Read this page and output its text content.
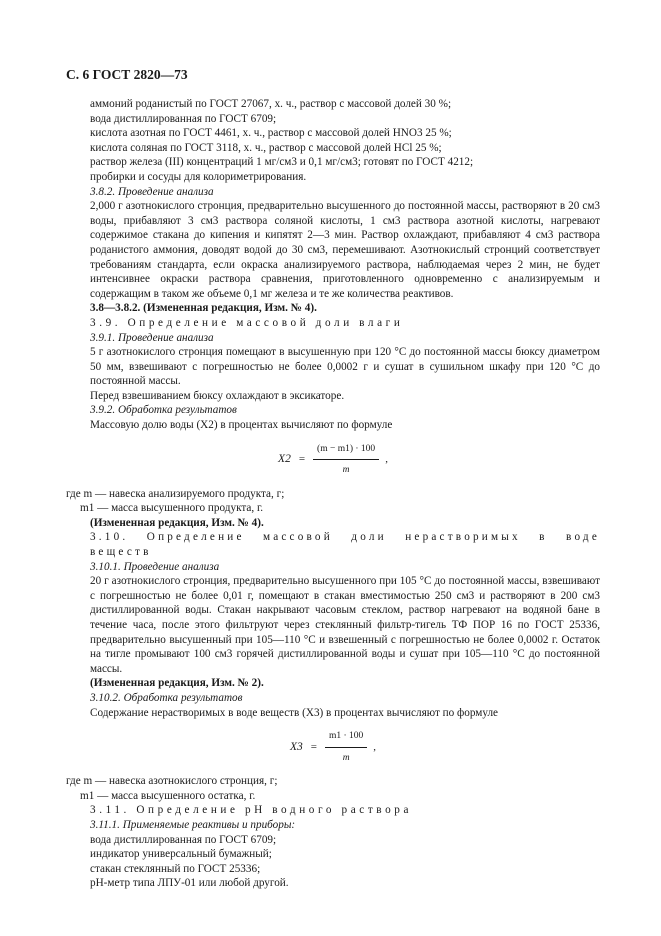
С. 6 ГОСТ 2820—73

аммоний роданистый по ГОСТ 27067, х. ч., раствор с массовой долей 30 %;

вода дистиллированная по ГОСТ 6709;

кислота азотная по ГОСТ 4461, х. ч., раствор с массовой долей HNO3 25 %;

кислота соляная по ГОСТ 3118, х. ч., раствор с массовой долей HCl 25 %;

раствор железа (III) концентраций 1 мг/см3 и 0,1 мг/см3; готовят по ГОСТ 4212;

пробирки и сосуды для колориметрирования.

3.8.2. Проведение анализа

2,000 г азотнокислого стронция, предварительно высушенного до постоянной массы, растворяют в 20 см3 воды, прибавляют 3 см3 раствора соляной кислоты, 1 см3 раствора азотной кислоты, нагревают содержимое стакана до кипения и кипятят 2—3 мин. Раствор охлаждают, прибавляют 4 см3 раствора роданистого аммония, доводят водой до 30 см3, перемешивают. Азотнокислый стронций соответствует требованиям стандарта, если окраска анализируемого раствора, наблюдаемая через 2 мин, не будет интенсивнее окраски раствора сравнения, приготовленного одновременно с анализируемым и содержащим в таком же объеме 0,1 мг железа и те же количества реактивов.

3.8—3.8.2. (Измененная редакция, Изм. № 4).

3.9. Определение массовой доли влаги

3.9.1. Проведение анализа

5 г азотнокислого стронция помещают в высушенную при 120 °С до постоянной массы бюксу диаметром 50 мм, взвешивают с погрешностью не более 0,0002 г и сушат в сушильном шкафу при 120 °С до постоянной массы.

Перед взвешиванием бюксу охлаждают в эксикаторе.

3.9.2. Обработка результатов

Массовую долю воды (X2) в процентах вычисляют по формуле

$X2 = \frac{(m - m1) \cdot 100}{m}$ ,

где m — навеска анализируемого продукта, г;

m1 — масса высушенного продукта, г.

(Измененная редакция, Изм. № 4).

3.10. Определение массовой доли нерастворимых в воде веществ

3.10.1. Проведение анализа

20 г азотнокислого стронция, предварительно высушенного при 105 °С до постоянной массы, взвешивают с погрешностью не более 0,01 г, помещают в стакан вместимостью 250 см3 и растворяют в 200 см3 дистиллированной воды. Стакан накрывают часовым стеклом, раствор нагревают на водяной бане в течение часа, после этого фильтруют через стеклянный фильтр-тигель ТФ ПОР 16 по ГОСТ 25336, предварительно высушенный при 105—110 °С и взвешенный с погрешностью не более 0,0002 г. Остаток на тигле промывают 100 см3 горячей дистиллированной воды и сушат при 105—110 °С до постоянной массы.

(Измененная редакция, Изм. № 2).

3.10.2. Обработка результатов

Содержание нерастворимых в воде веществ (X3) в процентах вычисляют по формуле

$X3 = \frac{m1 \cdot 100}{m}$ ,

где m — навеска азотнокислого стронция, г;

m1 — масса высушенного остатка, г.

3.11. Определение pH водного раствора

3.11.1. Применяемые реактивы и приборы:

вода дистиллированная по ГОСТ 6709;

индикатор универсальный бумажный;

стакан стеклянный по ГОСТ 25336;

pH-метр типа ЛПУ-01 или любой другой.
